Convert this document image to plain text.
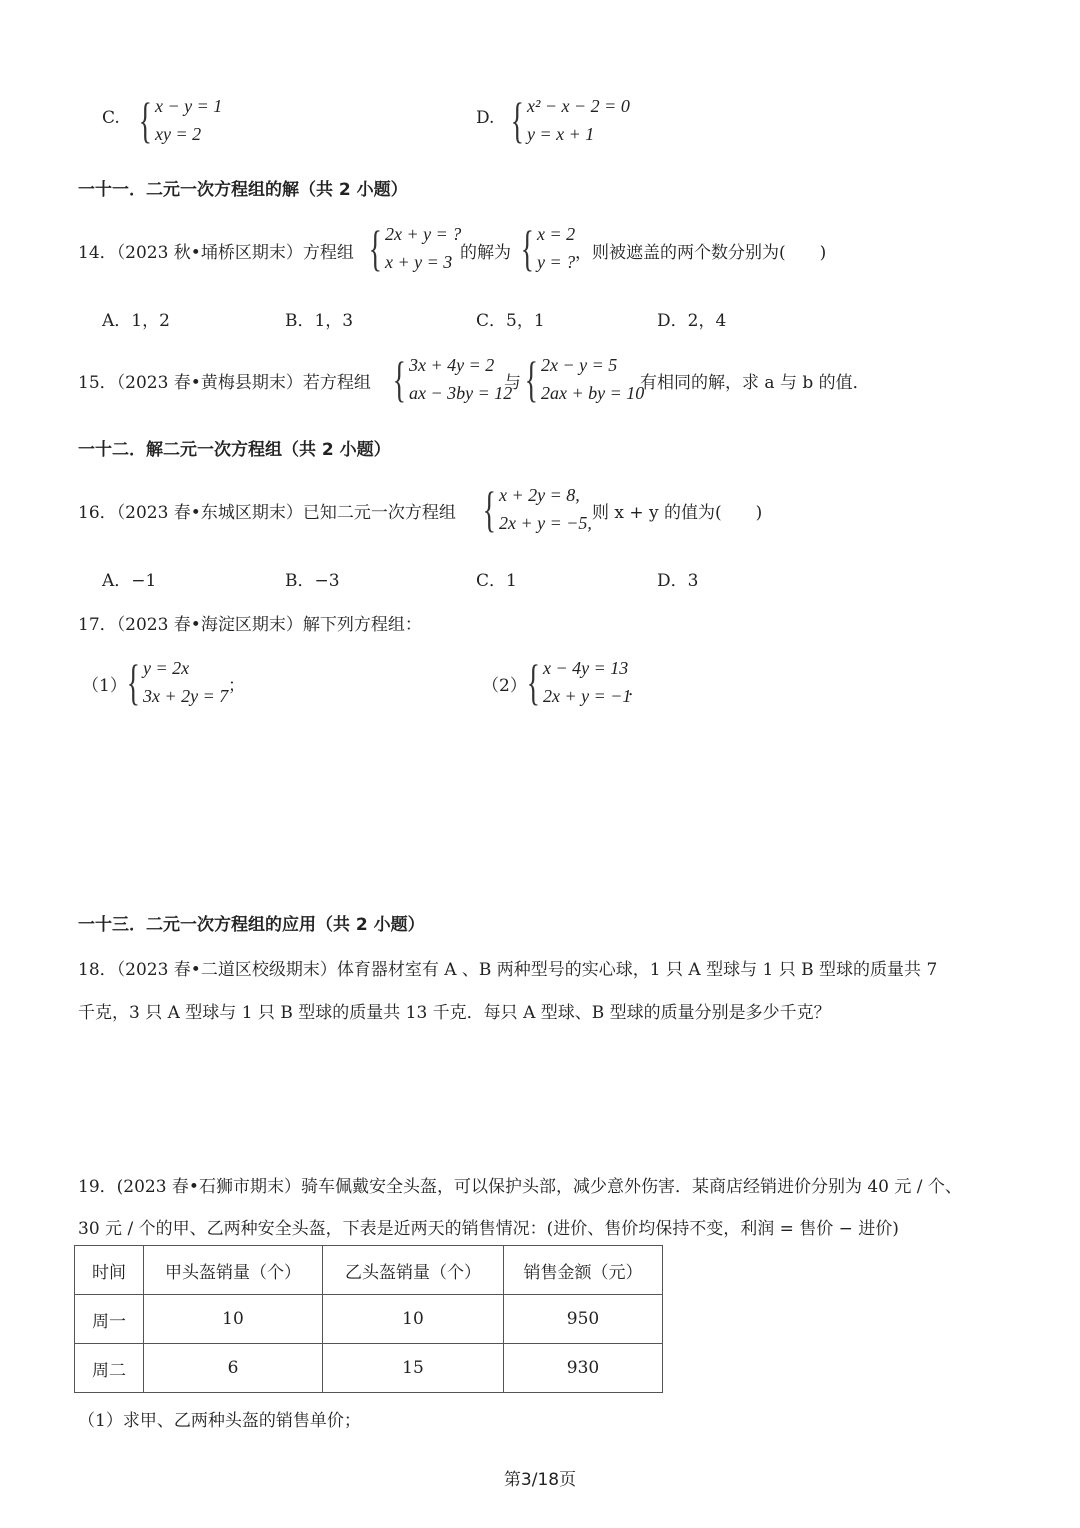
C. { x − y = 1
xy = 2
D. { x² − x − 2 = 0
y = x + 1
一十一．二元一次方程组的解（共 2 小题）
14．（2023 秋•埇桥区期末）方程组 { 2x + y = ?
x + y = 3 的解为 { x = 2
y = ? ，则被遮盖的两个数分别为(　　)
A．1，2	B．1，3	C．5，1	D．2，4
15．（2023 春•黄梅县期末）若方程组 { 3x + 4y = 2
ax − 3by = 12
与 { 2x − y = 5
2ax + by = 10
有相同的解，求 a 与 b 的值．
一十二．解二元一次方程组（共 2 小题）
16．（2023 春•东城区期末）已知二元一次方程组 { x + 2y = 8,
2x + y = −5, 则 x + y 的值为(　　)
A．−1	B．−3	C．1	D．3
17．（2023 春•海淀区期末）解下列方程组：
（1） { y = 2x
3x + 2y = 7 ；	（2） { x − 4y = 13
2x + y = −1
．
一十三．二元一次方程组的应用（共 2 小题）
18．（2023 春•二道区校级期末）体育器材室有 A 、B 两种型号的实心球，1 只 A 型球与 1 只 B 型球的质量共 7
千克，3 只 A 型球与 1 只 B 型球的质量共 13 千克．每只 A 型球、B 型球的质量分别是多少千克？
19．(2023 春•石狮市期末）骑车佩戴安全头盔，可以保护头部，减少意外伤害．某商店经销进价分别为 40 元 / 个、
30 元 / 个的甲、乙两种安全头盔，下表是近两天的销售情况：(进价、售价均保持不变，利润 = 售价 − 进价)
时间	甲头盔销量（个）	乙头盔销量（个）	销售金额（元）
周一	10	10	950
周二	6	15	930
（1）求甲、乙两种头盔的销售单价；
第3/18页
